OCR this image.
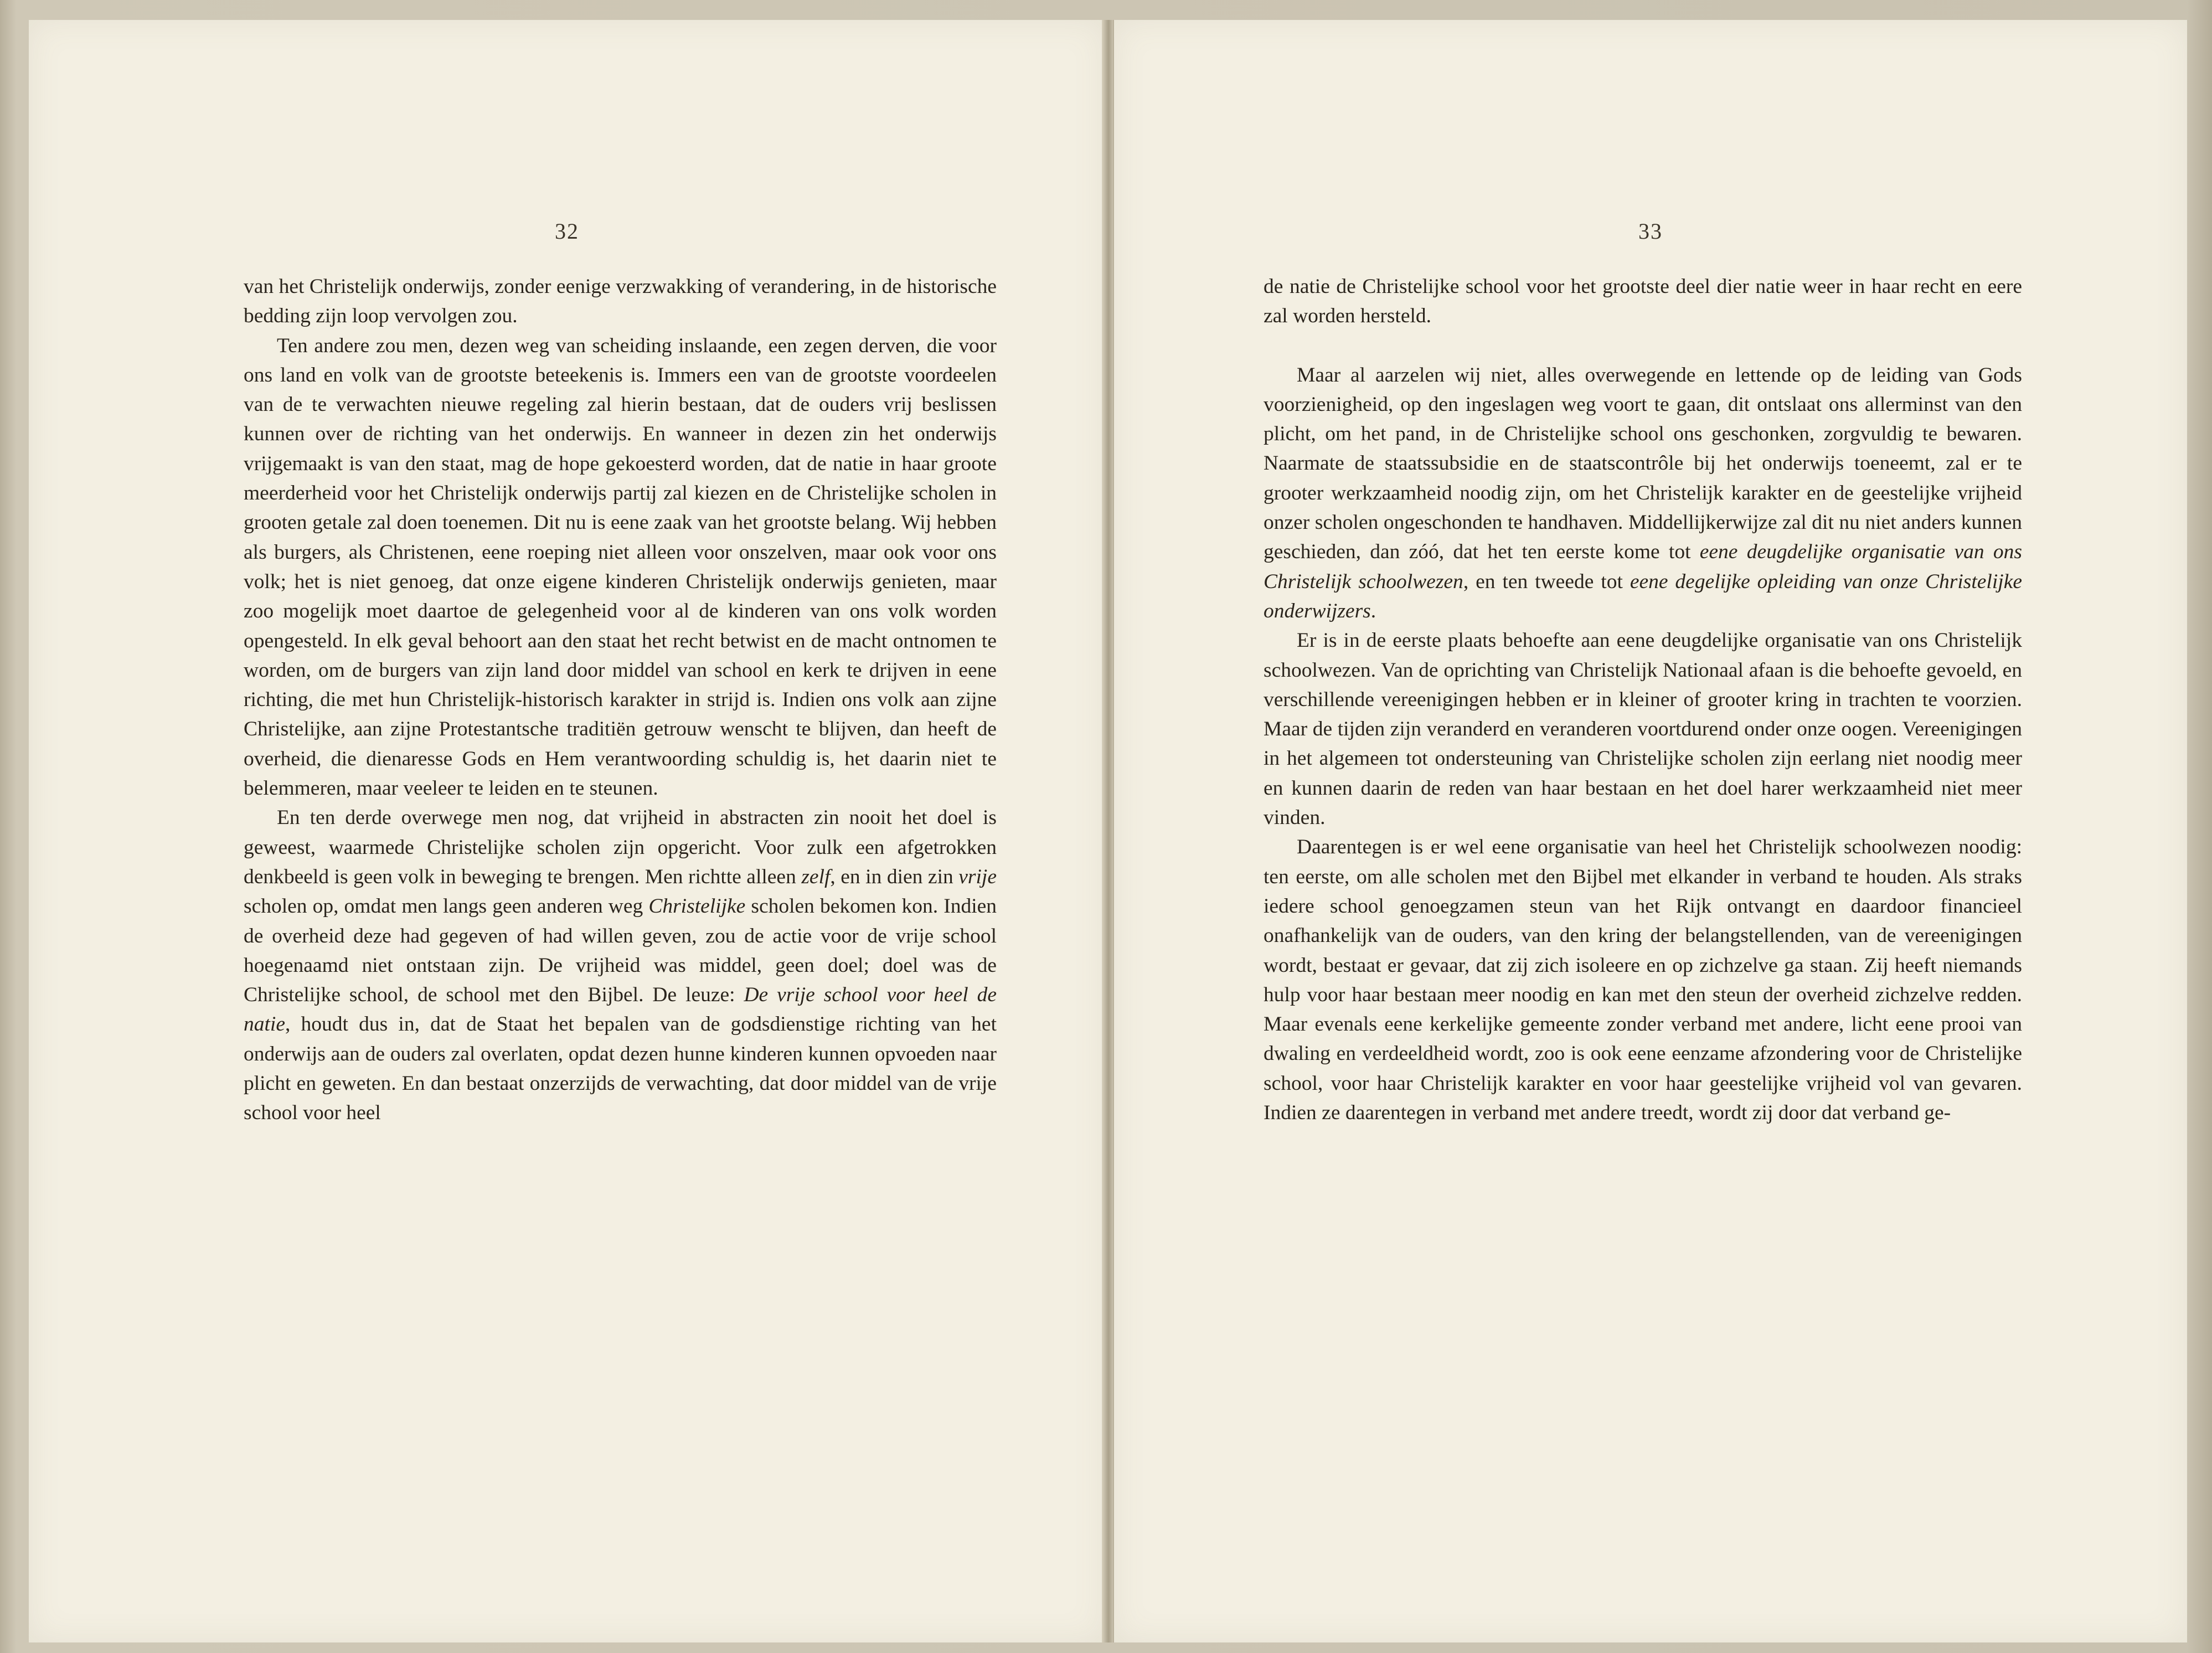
32

van het Christelijk onderwijs, zonder eenige verzwakking of verandering, in de historische bedding zijn loop vervolgen zou.

Ten andere zou men, dezen weg van scheiding inslaande, een zegen derven, die voor ons land en volk van de grootste beteekenis is. Immers een van de grootste voordeelen van de te verwachten nieuwe regeling zal hierin bestaan, dat de ouders vrij beslissen kunnen over de richting van het onderwijs. En wanneer in dezen zin het onderwijs vrijgemaakt is van den staat, mag de hope gekoesterd worden, dat de natie in haar groote meerderheid voor het Christelijk onderwijs partij zal kiezen en de Christelijke scholen in grooten getale zal doen toenemen. Dit nu is eene zaak van het grootste belang. Wij hebben als burgers, als Christenen, eene roeping niet alleen voor onszelven, maar ook voor ons volk; het is niet genoeg, dat onze eigene kinderen Christelijk onderwijs genieten, maar zoo mogelijk moet daartoe de gelegenheid voor al de kinderen van ons volk worden opengesteld. In elk geval behoort aan den staat het recht betwist en de macht ontnomen te worden, om de burgers van zijn land door middel van school en kerk te drijven in eene richting, die met hun Christelijk-historisch karakter in strijd is. Indien ons volk aan zijne Christelijke, aan zijne Protestantsche traditiën getrouw wenscht te blijven, dan heeft de overheid, die dienaresse Gods en Hem verantwoording schuldig is, het daarin niet te belemmeren, maar veeleer te leiden en te steunen.

En ten derde overwege men nog, dat vrijheid in abstracten zin nooit het doel is geweest, waarmede Christelijke scholen zijn opgericht. Voor zulk een afgetrokken denkbeeld is geen volk in beweging te brengen. Men richtte alleen zelf, en in dien zin vrije scholen op, omdat men langs geen anderen weg Christelijke scholen bekomen kon. Indien de overheid deze had gegeven of had willen geven, zou de actie voor de vrije school hoegenaamd niet ontstaan zijn. De vrijheid was middel, geen doel; doel was de Christelijke school, de school met den Bijbel. De leuze: De vrije school voor heel de natie, houdt dus in, dat de Staat het bepalen van de godsdienstige richting van het onderwijs aan de ouders zal overlaten, opdat dezen hunne kinderen kunnen opvoeden naar plicht en geweten. En dan bestaat onzerzijds de verwachting, dat door middel van de vrije school voor heel

33

de natie de Christelijke school voor het grootste deel dier natie weer in haar recht en eere zal worden hersteld.

Maar al aarzelen wij niet, alles overwegende en lettende op de leiding van Gods voorzienigheid, op den ingeslagen weg voort te gaan, dit ontslaat ons allerminst van den plicht, om het pand, in de Christelijke school ons geschonken, zorgvuldig te bewaren. Naarmate de staatssubsidie en de staatscontrôle bij het onderwijs toeneemt, zal er te grooter werkzaamheid noodig zijn, om het Christelijk karakter en de geestelijke vrijheid onzer scholen ongeschonden te handhaven. Middellijkerwijze zal dit nu niet anders kunnen geschieden, dan zóó, dat het ten eerste kome tot eene deugdelijke organisatie van ons Christelijk schoolwezen, en ten tweede tot eene degelijke opleiding van onze Christelijke onderwijzers.

Er is in de eerste plaats behoefte aan eene deugdelijke organisatie van ons Christelijk schoolwezen. Van de oprichting van Christelijk Nationaal afaan is die behoefte gevoeld, en verschillende vereenigingen hebben er in kleiner of grooter kring in trachten te voorzien. Maar de tijden zijn veranderd en veranderen voortdurend onder onze oogen. Vereenigingen in het algemeen tot ondersteuning van Christelijke scholen zijn eerlang niet noodig meer en kunnen daarin de reden van haar bestaan en het doel harer werkzaamheid niet meer vinden.

Daarentegen is er wel eene organisatie van heel het Christelijk schoolwezen noodig: ten eerste, om alle scholen met den Bijbel met elkander in verband te houden. Als straks iedere school genoegzamen steun van het Rijk ontvangt en daardoor financieel onafhankelijk van de ouders, van den kring der belangstellenden, van de vereenigingen wordt, bestaat er gevaar, dat zij zich isoleere en op zichzelve ga staan. Zij heeft niemands hulp voor haar bestaan meer noodig en kan met den steun der overheid zichzelve redden. Maar evenals eene kerkelijke gemeente zonder verband met andere, licht eene prooi van dwaling en verdeeldheid wordt, zoo is ook eene eenzame afzondering voor de Christelijke school, voor haar Christelijk karakter en voor haar geestelijke vrijheid vol van gevaren. Indien ze daarentegen in verband met andere treedt, wordt zij door dat verband ge-
